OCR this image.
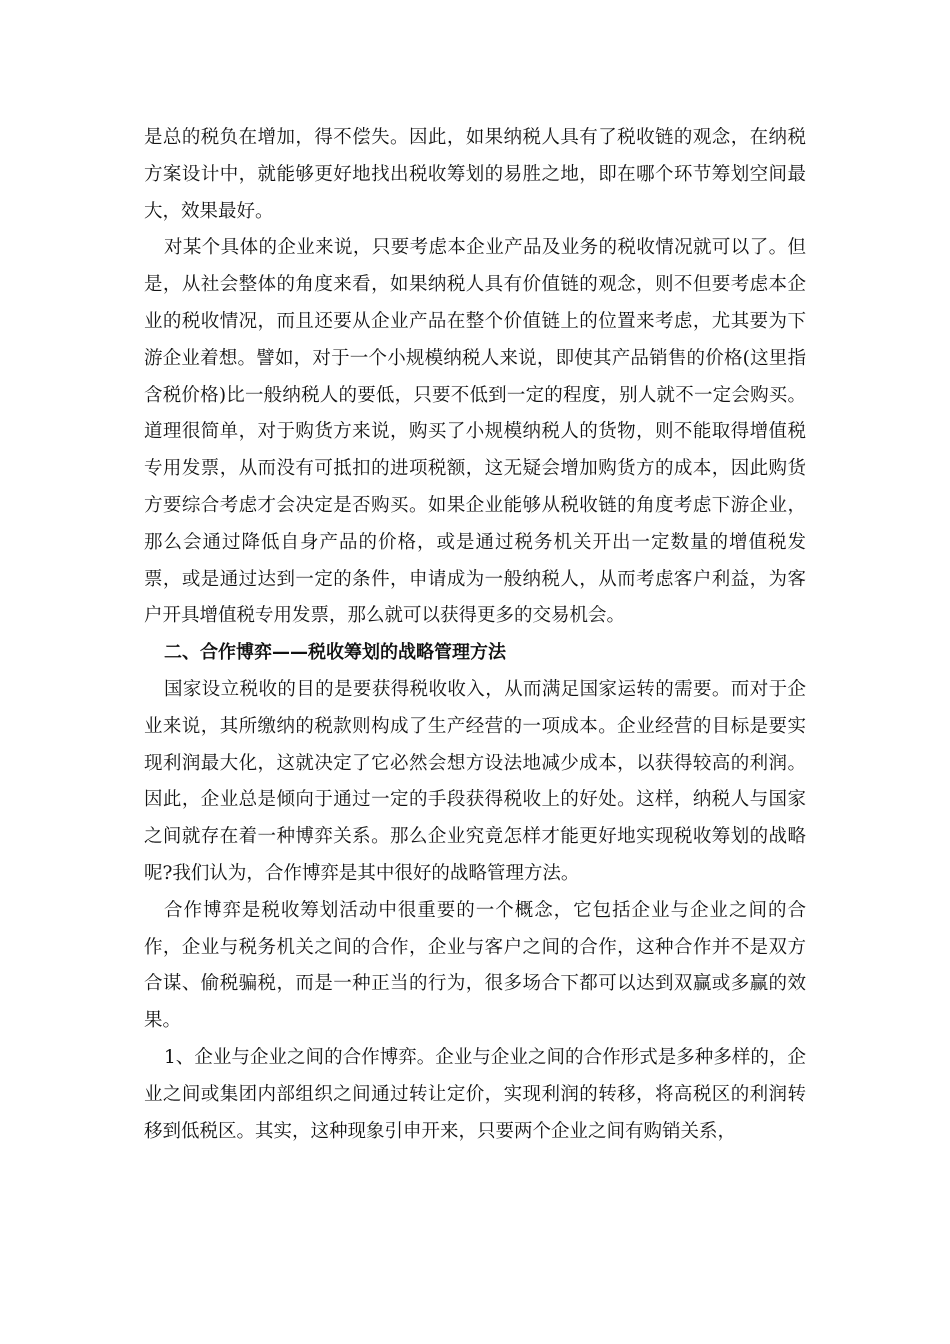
是总的税负在增加，得不偿失。因此，如果纳税人具有了税收链的观念，在纳税方案设计中，就能够更好地找出税收筹划的易胜之地，即在哪个环节筹划空间最大，效果最好。

对某个具体的企业来说，只要考虑本企业产品及业务的税收情况就可以了。但是，从社会整体的角度来看，如果纳税人具有价值链的观念，则不但要考虑本企业的税收情况，而且还要从企业产品在整个价值链上的位置来考虑，尤其要为下游企业着想。譬如，对于一个小规模纳税人来说，即使其产品销售的价格(这里指含税价格)比一般纳税人的要低，只要不低到一定的程度，别人就不一定会购买。道理很简单，对于购货方来说，购买了小规模纳税人的货物，则不能取得增值税专用发票，从而没有可抵扣的进项税额，这无疑会增加购货方的成本，因此购货方要综合考虑才会决定是否购买。如果企业能够从税收链的角度考虑下游企业，那么会通过降低自身产品的价格，或是通过税务机关开出一定数量的增值税发票，或是通过达到一定的条件，申请成为一般纳税人，从而考虑客户利益，为客户开具增值税专用发票，那么就可以获得更多的交易机会。

二、合作博弈——税收筹划的战略管理方法

国家设立税收的目的是要获得税收收入，从而满足国家运转的需要。而对于企业来说，其所缴纳的税款则构成了生产经营的一项成本。企业经营的目标是要实现利润最大化，这就决定了它必然会想方设法地减少成本，以获得较高的利润。因此，企业总是倾向于通过一定的手段获得税收上的好处。这样，纳税人与国家之间就存在着一种博弈关系。那么企业究竟怎样才能更好地实现税收筹划的战略呢?我们认为，合作博弈是其中很好的战略管理方法。

合作博弈是税收筹划活动中很重要的一个概念，它包括企业与企业之间的合作，企业与税务机关之间的合作，企业与客户之间的合作，这种合作并不是双方合谋、偷税骗税，而是一种正当的行为，很多场合下都可以达到双赢或多赢的效果。

1、企业与企业之间的合作博弈。企业与企业之间的合作形式是多种多样的，企业之间或集团内部组织之间通过转让定价，实现利润的转移，将高税区的利润转移到低税区。其实，这种现象引申开来，只要两个企业之间有购销关系，
